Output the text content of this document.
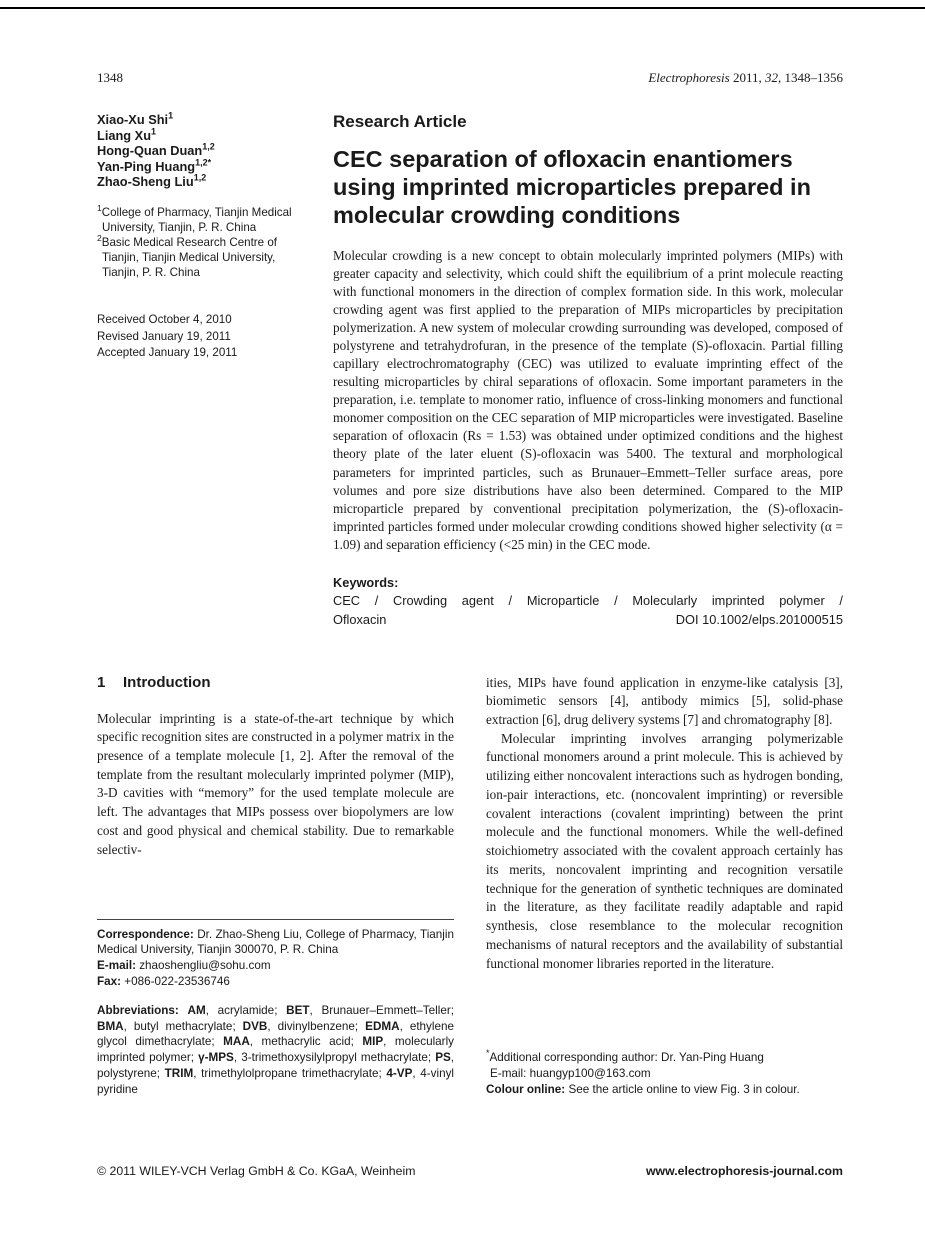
1348	Electrophoresis 2011, 32, 1348–1356
Xiao-Xu Shi$^1$
Liang Xu$^1$
Hong-Quan Duan$^{1,2}$
Yan-Ping Huang$^{1,2*}$
Zhao-Sheng Liu$^{1,2}$
$^1$College of Pharmacy, Tianjin Medical University, Tianjin, P. R. China
$^2$Basic Medical Research Centre of Tianjin, Tianjin Medical University, Tianjin, P. R. China
Received October 4, 2010
Revised January 19, 2011
Accepted January 19, 2011
Research Article
CEC separation of ofloxacin enantiomers using imprinted microparticles prepared in molecular crowding conditions

Molecular crowding is a new concept to obtain molecularly imprinted polymers (MIPs) with greater capacity and selectivity, which could shift the equilibrium of a print molecule reacting with functional monomers in the direction of complex formation side. In this work, molecular crowding agent was first applied to the preparation of MIPs microparticles by precipitation polymerization. A new system of molecular crowding surrounding was developed, composed of polystyrene and tetrahydrofuran, in the presence of the template (S)-ofloxacin. Partial filling capillary electrochromatography (CEC) was utilized to evaluate imprinting effect of the resulting microparticles by chiral separations of ofloxacin. Some important parameters in the preparation, i.e. template to monomer ratio, influence of cross-linking monomers and functional monomer composition on the CEC separation of MIP microparticles were investigated. Baseline separation of ofloxacin (Rs = 1.53) was obtained under optimized conditions and the highest theory plate of the later eluent (S)-ofloxacin was 5400. The textural and morphological parameters for imprinted particles, such as Brunauer–Emmett–Teller surface areas, pore volumes and pore size distributions have also been determined. Compared to the MIP microparticle prepared by conventional precipitation polymerization, the (S)-ofloxacin-imprinted particles formed under molecular crowding conditions showed higher selectivity (α = 1.09) and separation efficiency (<25 min) in the CEC mode.

Keywords:
CEC / Crowding agent / Microparticle / Molecularly imprinted polymer /
Ofloxacin	DOI 10.1002/elps.201000515
1 Introduction

Molecular imprinting is a state-of-the-art technique by which specific recognition sites are constructed in a polymer matrix in the presence of a template molecule [1, 2]. After the removal of the template from the resultant molecularly imprinted polymer (MIP), 3-D cavities with “memory” for the used template molecule are left. The advantages that MIPs possess over biopolymers are low cost and good physical and chemical stability. Due to remarkable selectiv-

Correspondence: Dr. Zhao-Sheng Liu, College of Pharmacy, Tianjin Medical University, Tianjin 300070, P. R. China
E-mail: zhaoshengliu@sohu.com
Fax: +086-022-23536746
Abbreviations: AM, acrylamide; BET, Brunauer–Emmett–Teller; BMA, butyl methacrylate; DVB, divinylbenzene; EDMA, ethylene glycol dimethacrylate; MAA, methacrylic acid; MIP, molecularly imprinted polymer; γ-MPS, 3-trimethoxysilylpropyl methacrylate; PS, polystyrene; TRIM, trimethylolpropane trimethacrylate; 4-VP, 4-vinyl pyridine

ities, MIPs have found application in enzyme-like catalysis [3], biomimetic sensors [4], antibody mimics [5], solid-phase extraction [6], drug delivery systems [7] and chromatography [8].

Molecular imprinting involves arranging polymerizable functional monomers around a print molecule. This is achieved by utilizing either noncovalent interactions such as hydrogen bonding, ion-pair interactions, etc. (noncovalent imprinting) or reversible covalent interactions (covalent imprinting) between the print molecule and the functional monomers. While the well-defined stoichiometry associated with the covalent approach certainly has its merits, noncovalent imprinting and recognition versatile technique for the generation of synthetic techniques are dominated in the literature, as they facilitate readily adaptable and rapid synthesis, close resemblance to the molecular recognition mechanisms of natural receptors and the availability of substantial functional monomer libraries reported in the literature.

*Additional corresponding author: Dr. Yan-Ping Huang
E-mail: huangyp100@163.com
Colour online: See the article online to view Fig. 3 in colour.
© 2011 WILEY-VCH Verlag GmbH & Co. KGaA, Weinheim	www.electrophoresis-journal.com
